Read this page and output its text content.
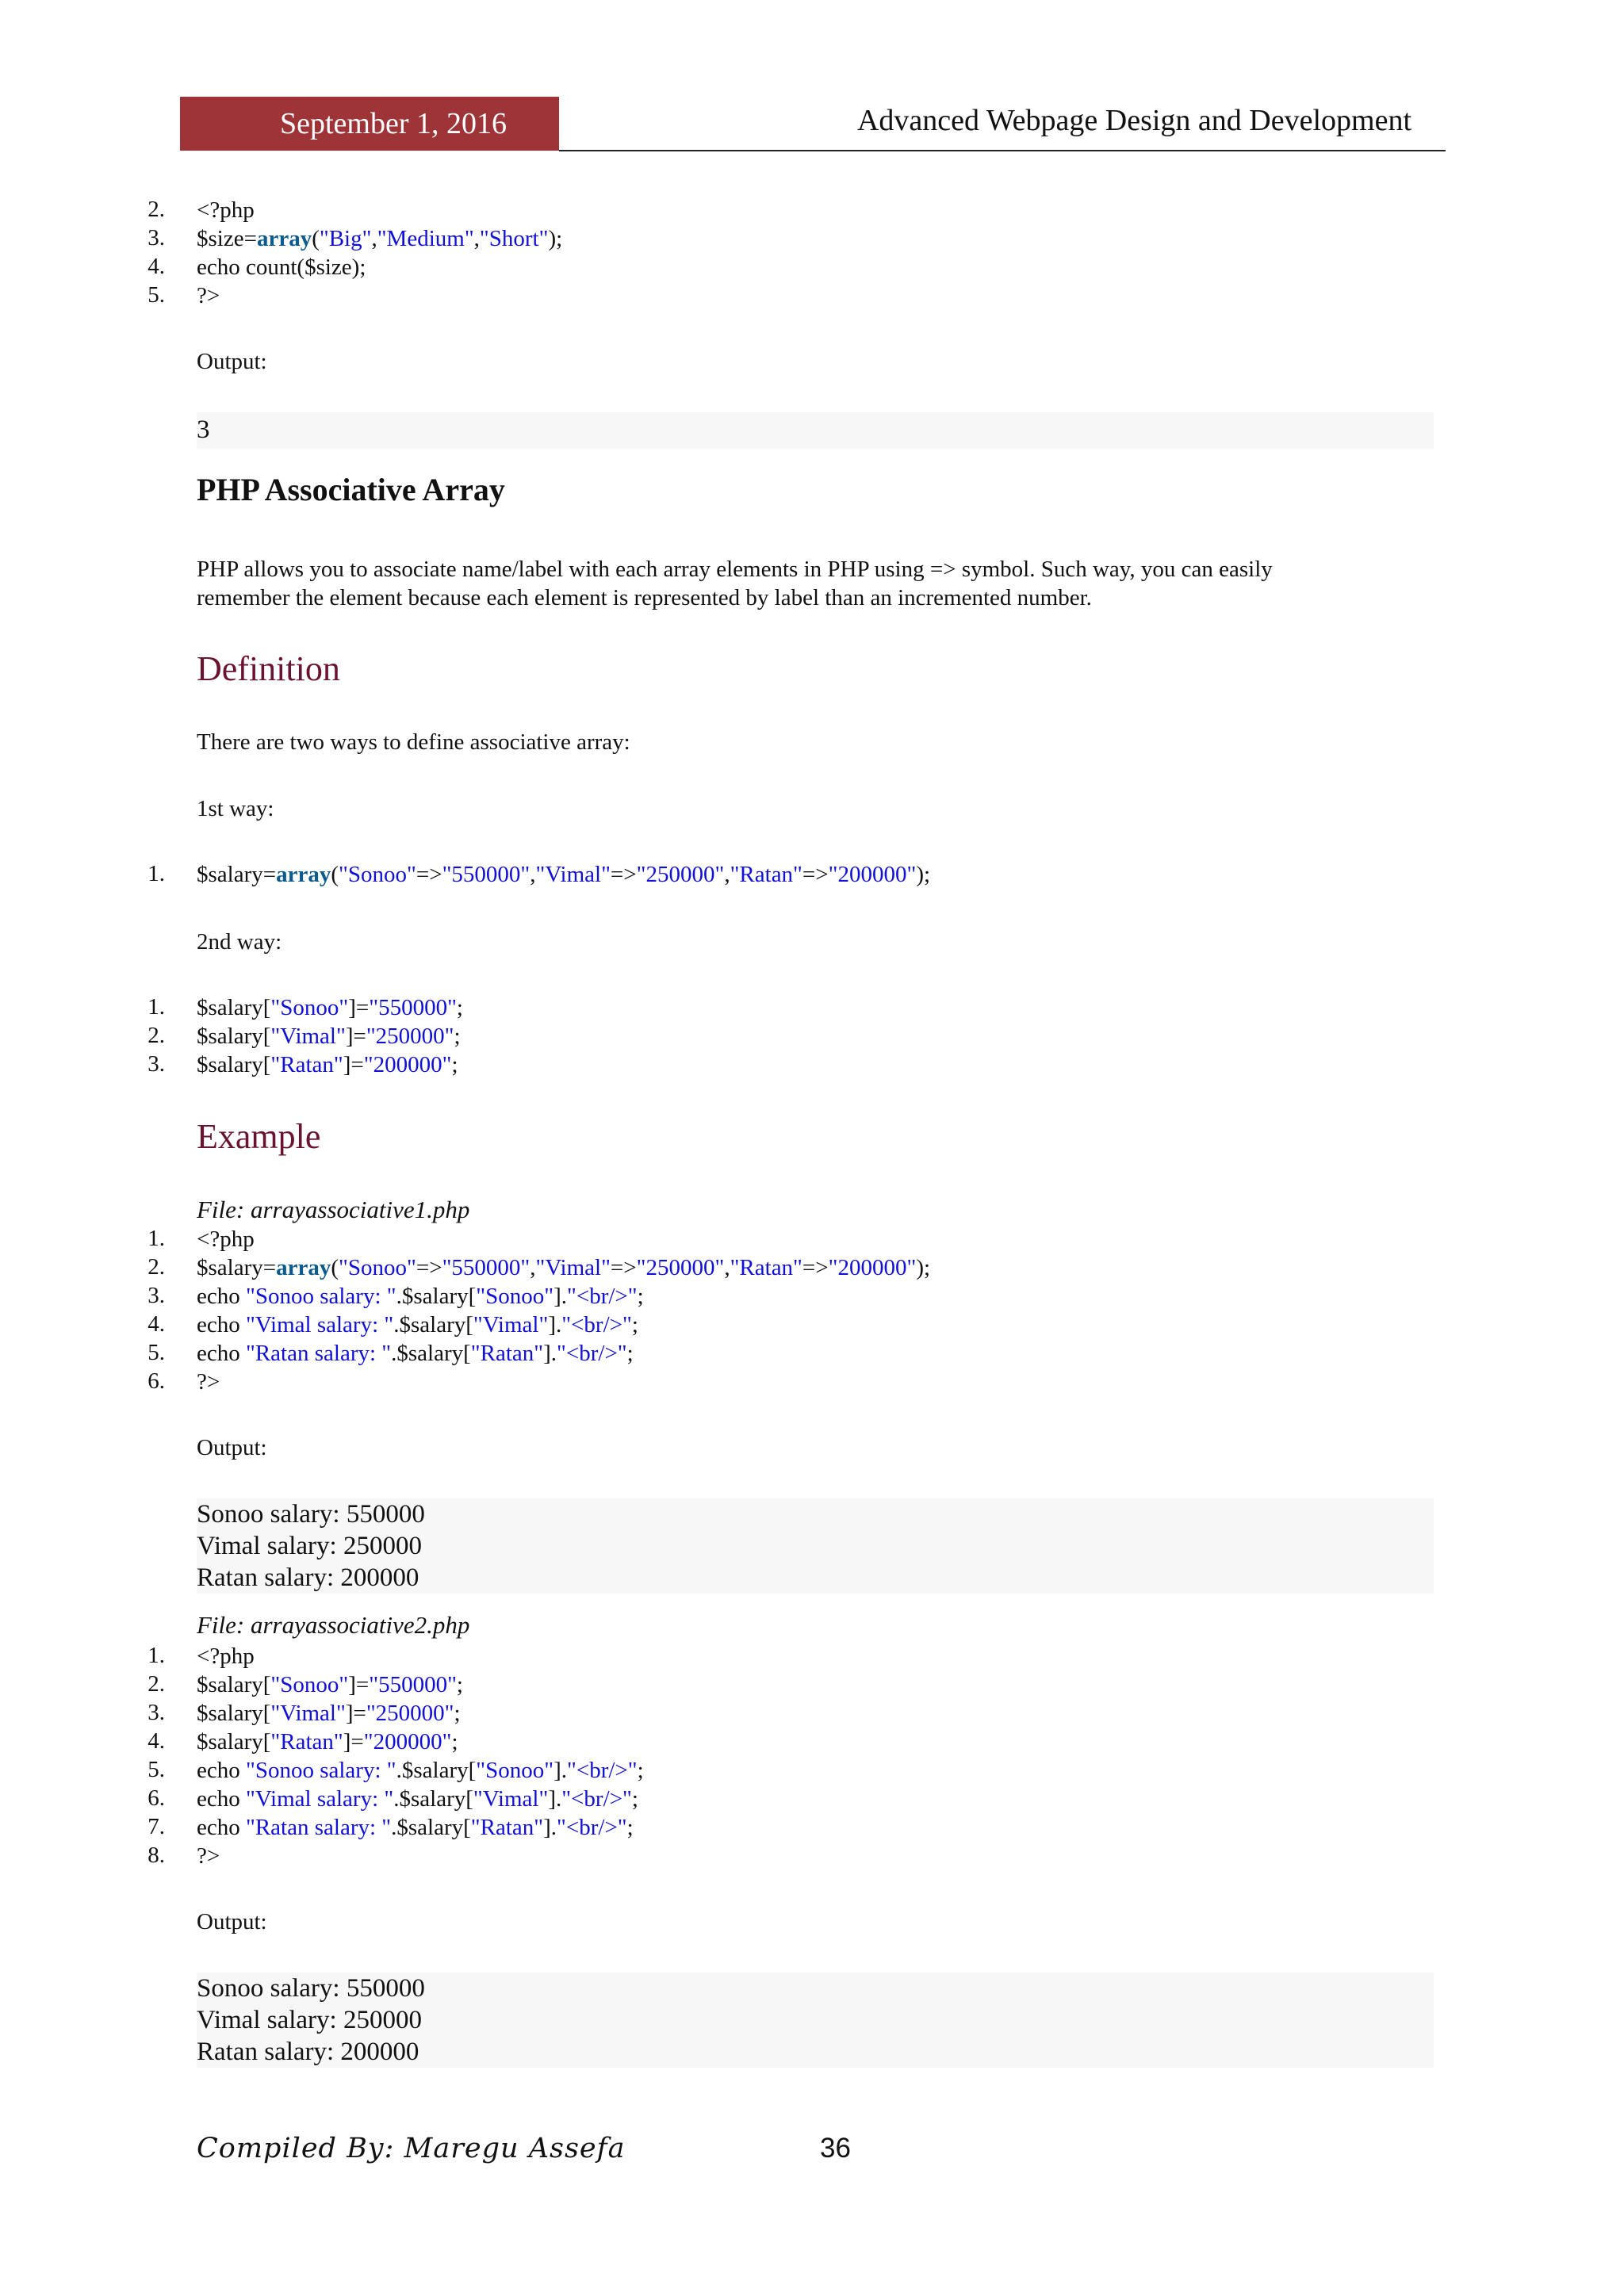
September 1, 2016	Advanced Webpage Design and Development
2.
3.
4.
5.
<?php
$size=array("Big","Medium","Short");
echo count($size);
?>
Output:
3
PHP Associative Array
PHP allows you to associate name/label with each array elements in PHP using => symbol. Such way, you can easily
remember the element because each element is represented by label than an incremented number.
Definition
There are two ways to define associative array:
1st way:
1. $salary=array("Sonoo"=>"550000","Vimal"=>"250000","Ratan"=>"200000");
2nd way:
1. $salary["Sonoo"]="550000";
2. $salary["Vimal"]="250000";
3. $salary["Ratan"]="200000";
Example
File: arrayassociative1.php
1.
2.
3.
4.
5.
6.
<?php
$salary=array("Sonoo"=>"550000","Vimal"=>"250000","Ratan"=>"200000");
echo "Sonoo salary: ".$salary["Sonoo"]."<br/>";
echo "Vimal salary: ".$salary["Vimal"]."<br/>";
echo "Ratan salary: ".$salary["Ratan"]."<br/>";
?>
Output:
Sonoo salary: 550000
Vimal salary: 250000
Ratan salary: 200000
File: arrayassociative2.php
1.
2.
3.
4.
5.
6.
7.
8.
<?php
$salary["Sonoo"]="550000";
$salary["Vimal"]="250000";
$salary["Ratan"]="200000";
echo "Sonoo salary: ".$salary["Sonoo"]."<br/>";
echo "Vimal salary: ".$salary["Vimal"]."<br/>";
echo "Ratan salary: ".$salary["Ratan"]."<br/>";
?>
Output:
Sonoo salary: 550000
Vimal salary: 250000
Ratan salary: 200000
Compiled By: Maregu Assefa	36
